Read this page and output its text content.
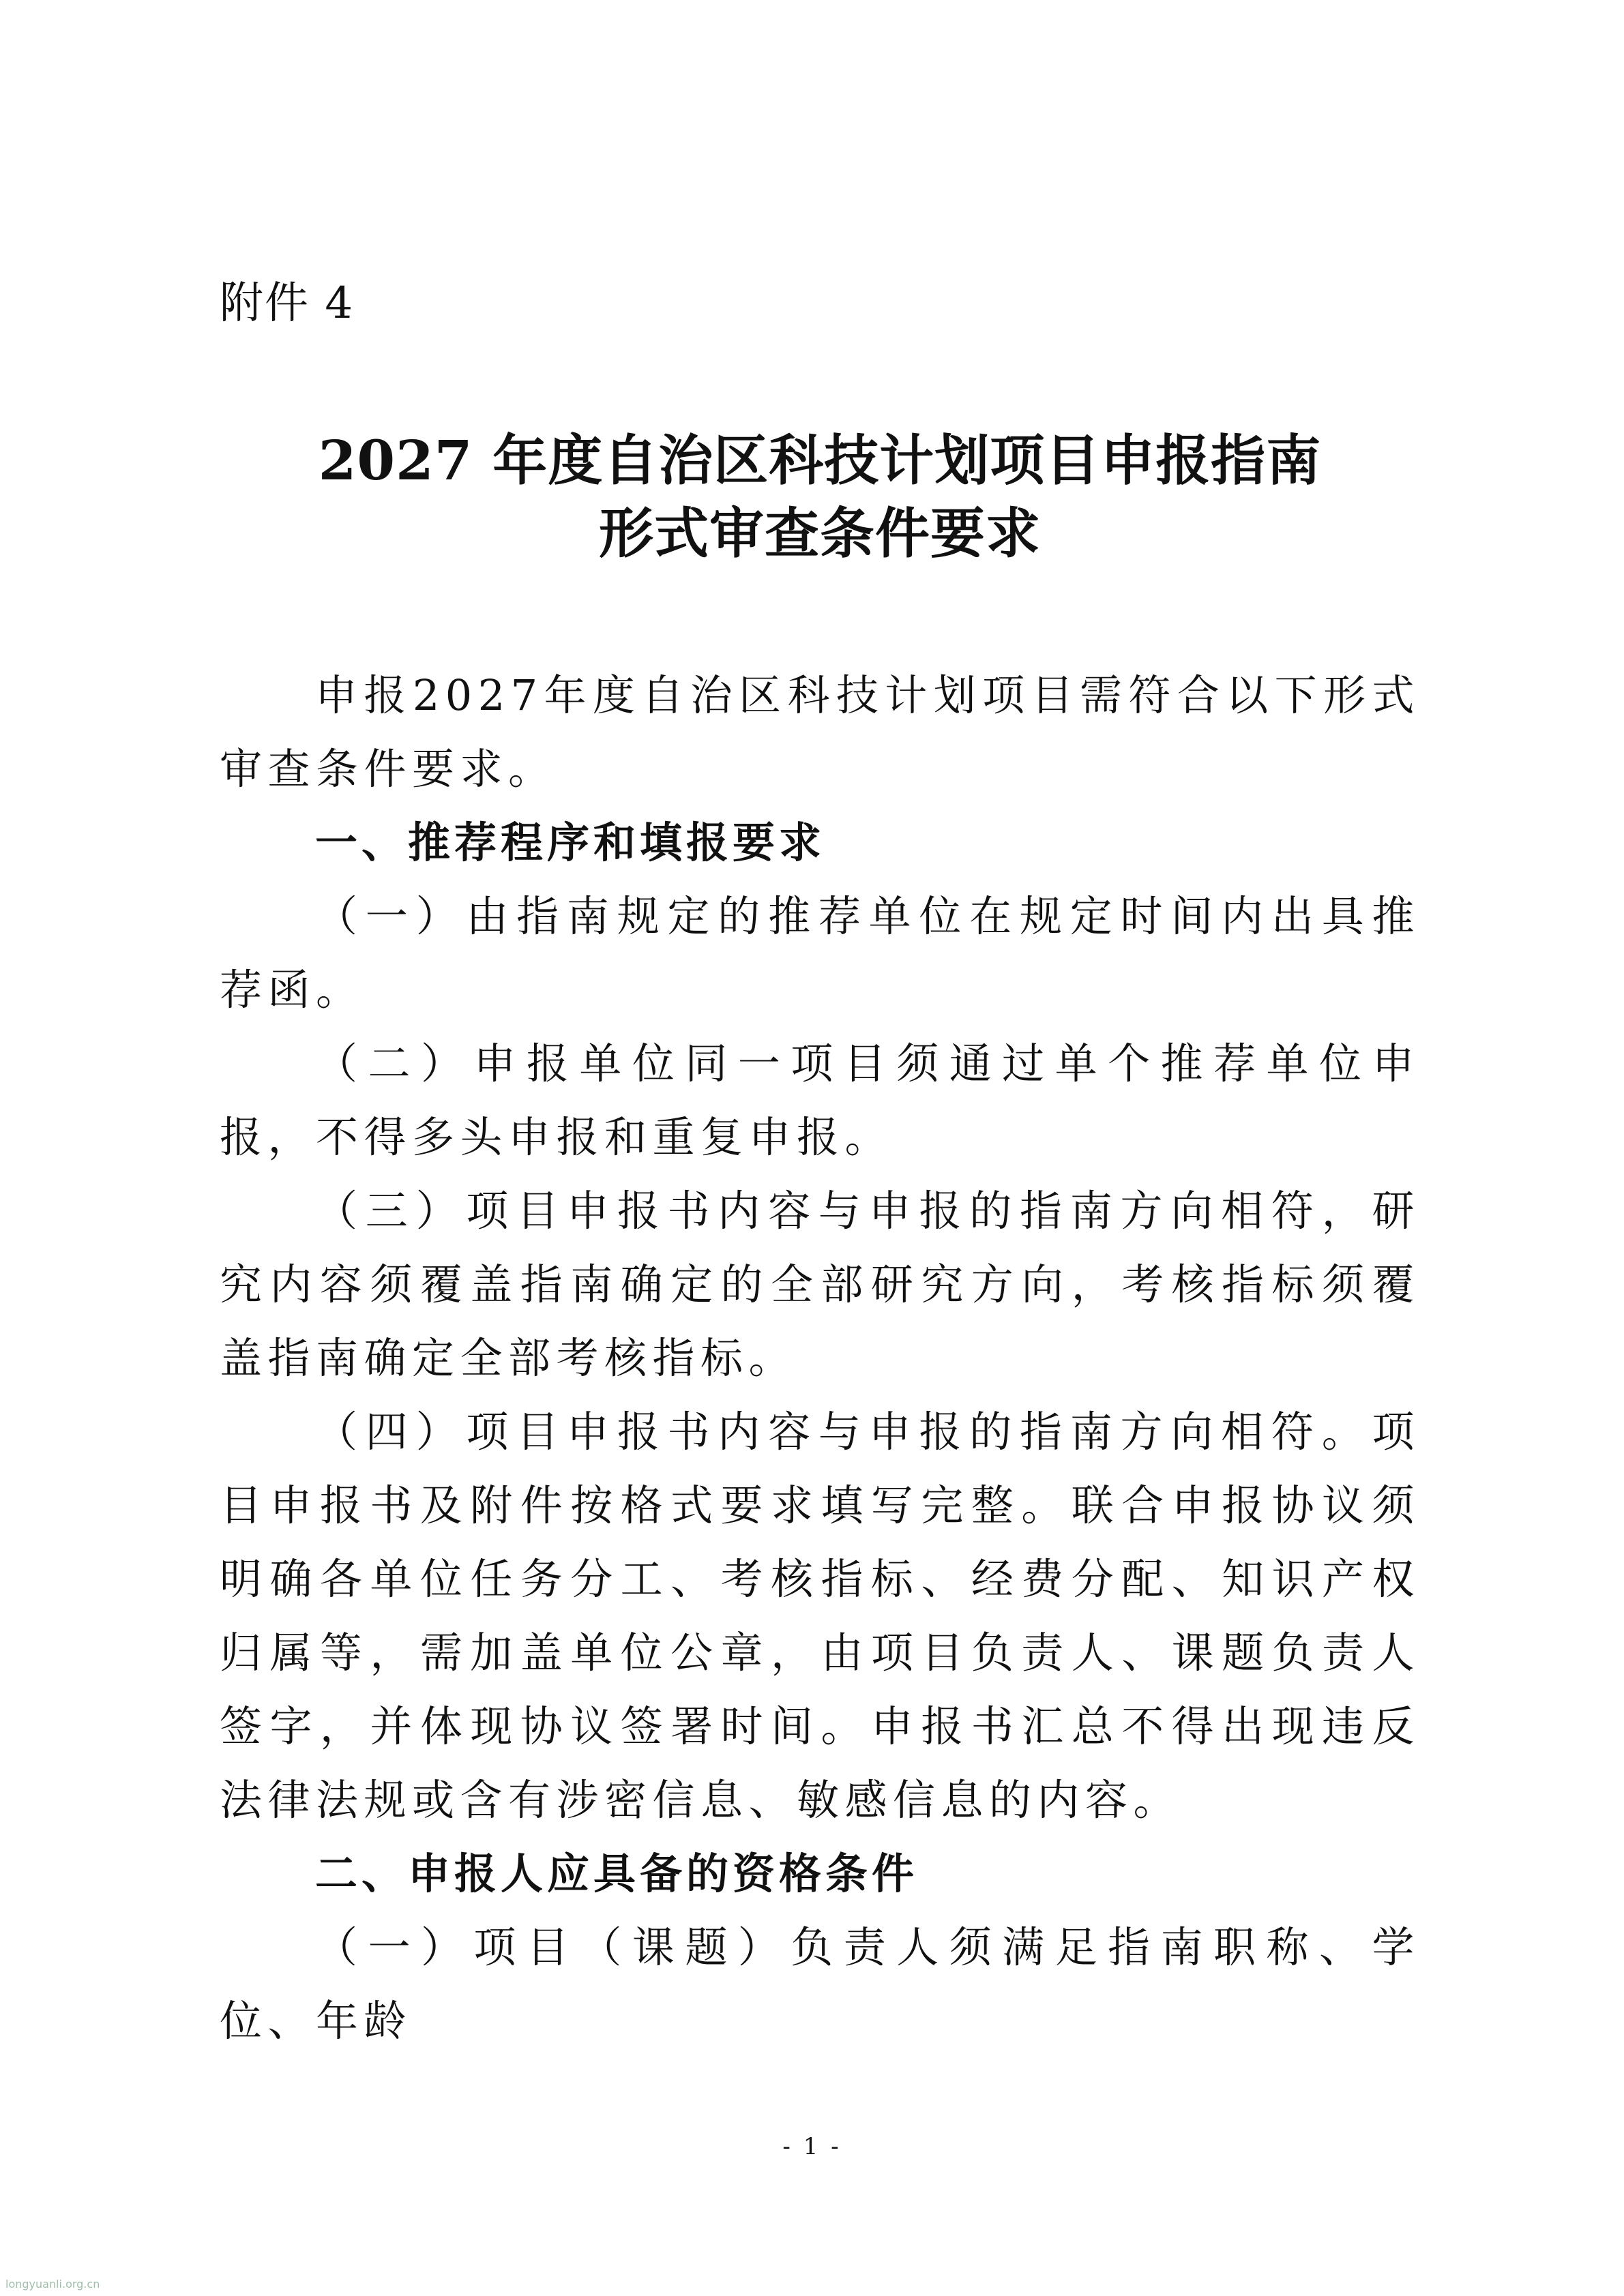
附件 4

2027 年度自治区科技计划项目申报指南
形式审查条件要求

申报2027年度自治区科技计划项目需符合以下形式审查条件要求。

一、推荐程序和填报要求

（一）由指南规定的推荐单位在规定时间内出具推荐函。

（二）申报单位同一项目须通过单个推荐单位申报，不得多头申报和重复申报。

（三）项目申报书内容与申报的指南方向相符，研究内容须覆盖指南确定的全部研究方向，考核指标须覆盖指南确定全部考核指标。

（四）项目申报书内容与申报的指南方向相符。项目申报书及附件按格式要求填写完整。联合申报协议须明确各单位任务分工、考核指标、经费分配、知识产权归属等，需加盖单位公章，由项目负责人、课题负责人签字，并体现协议签署时间。申报书汇总不得出现违反法律法规或含有涉密信息、敏感信息的内容。

二、申报人应具备的资格条件

（一）项目（课题）负责人须满足指南职称、学位、年龄

- 1 -

longyuanli.org.cn
